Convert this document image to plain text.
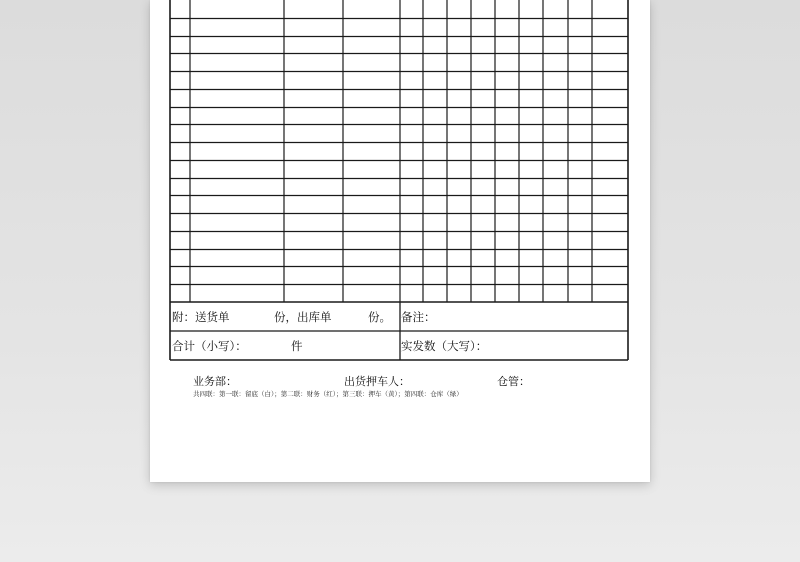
附：送货单	份，出库单	份。 备注：
合计（小写）：	件	实发数（大写）：
业务部：	出货押车人：	仓管：
共四联：第一联：留底（白）；第二联：财务（红）；第三联：押车（黄）；第四联：仓库（绿）
